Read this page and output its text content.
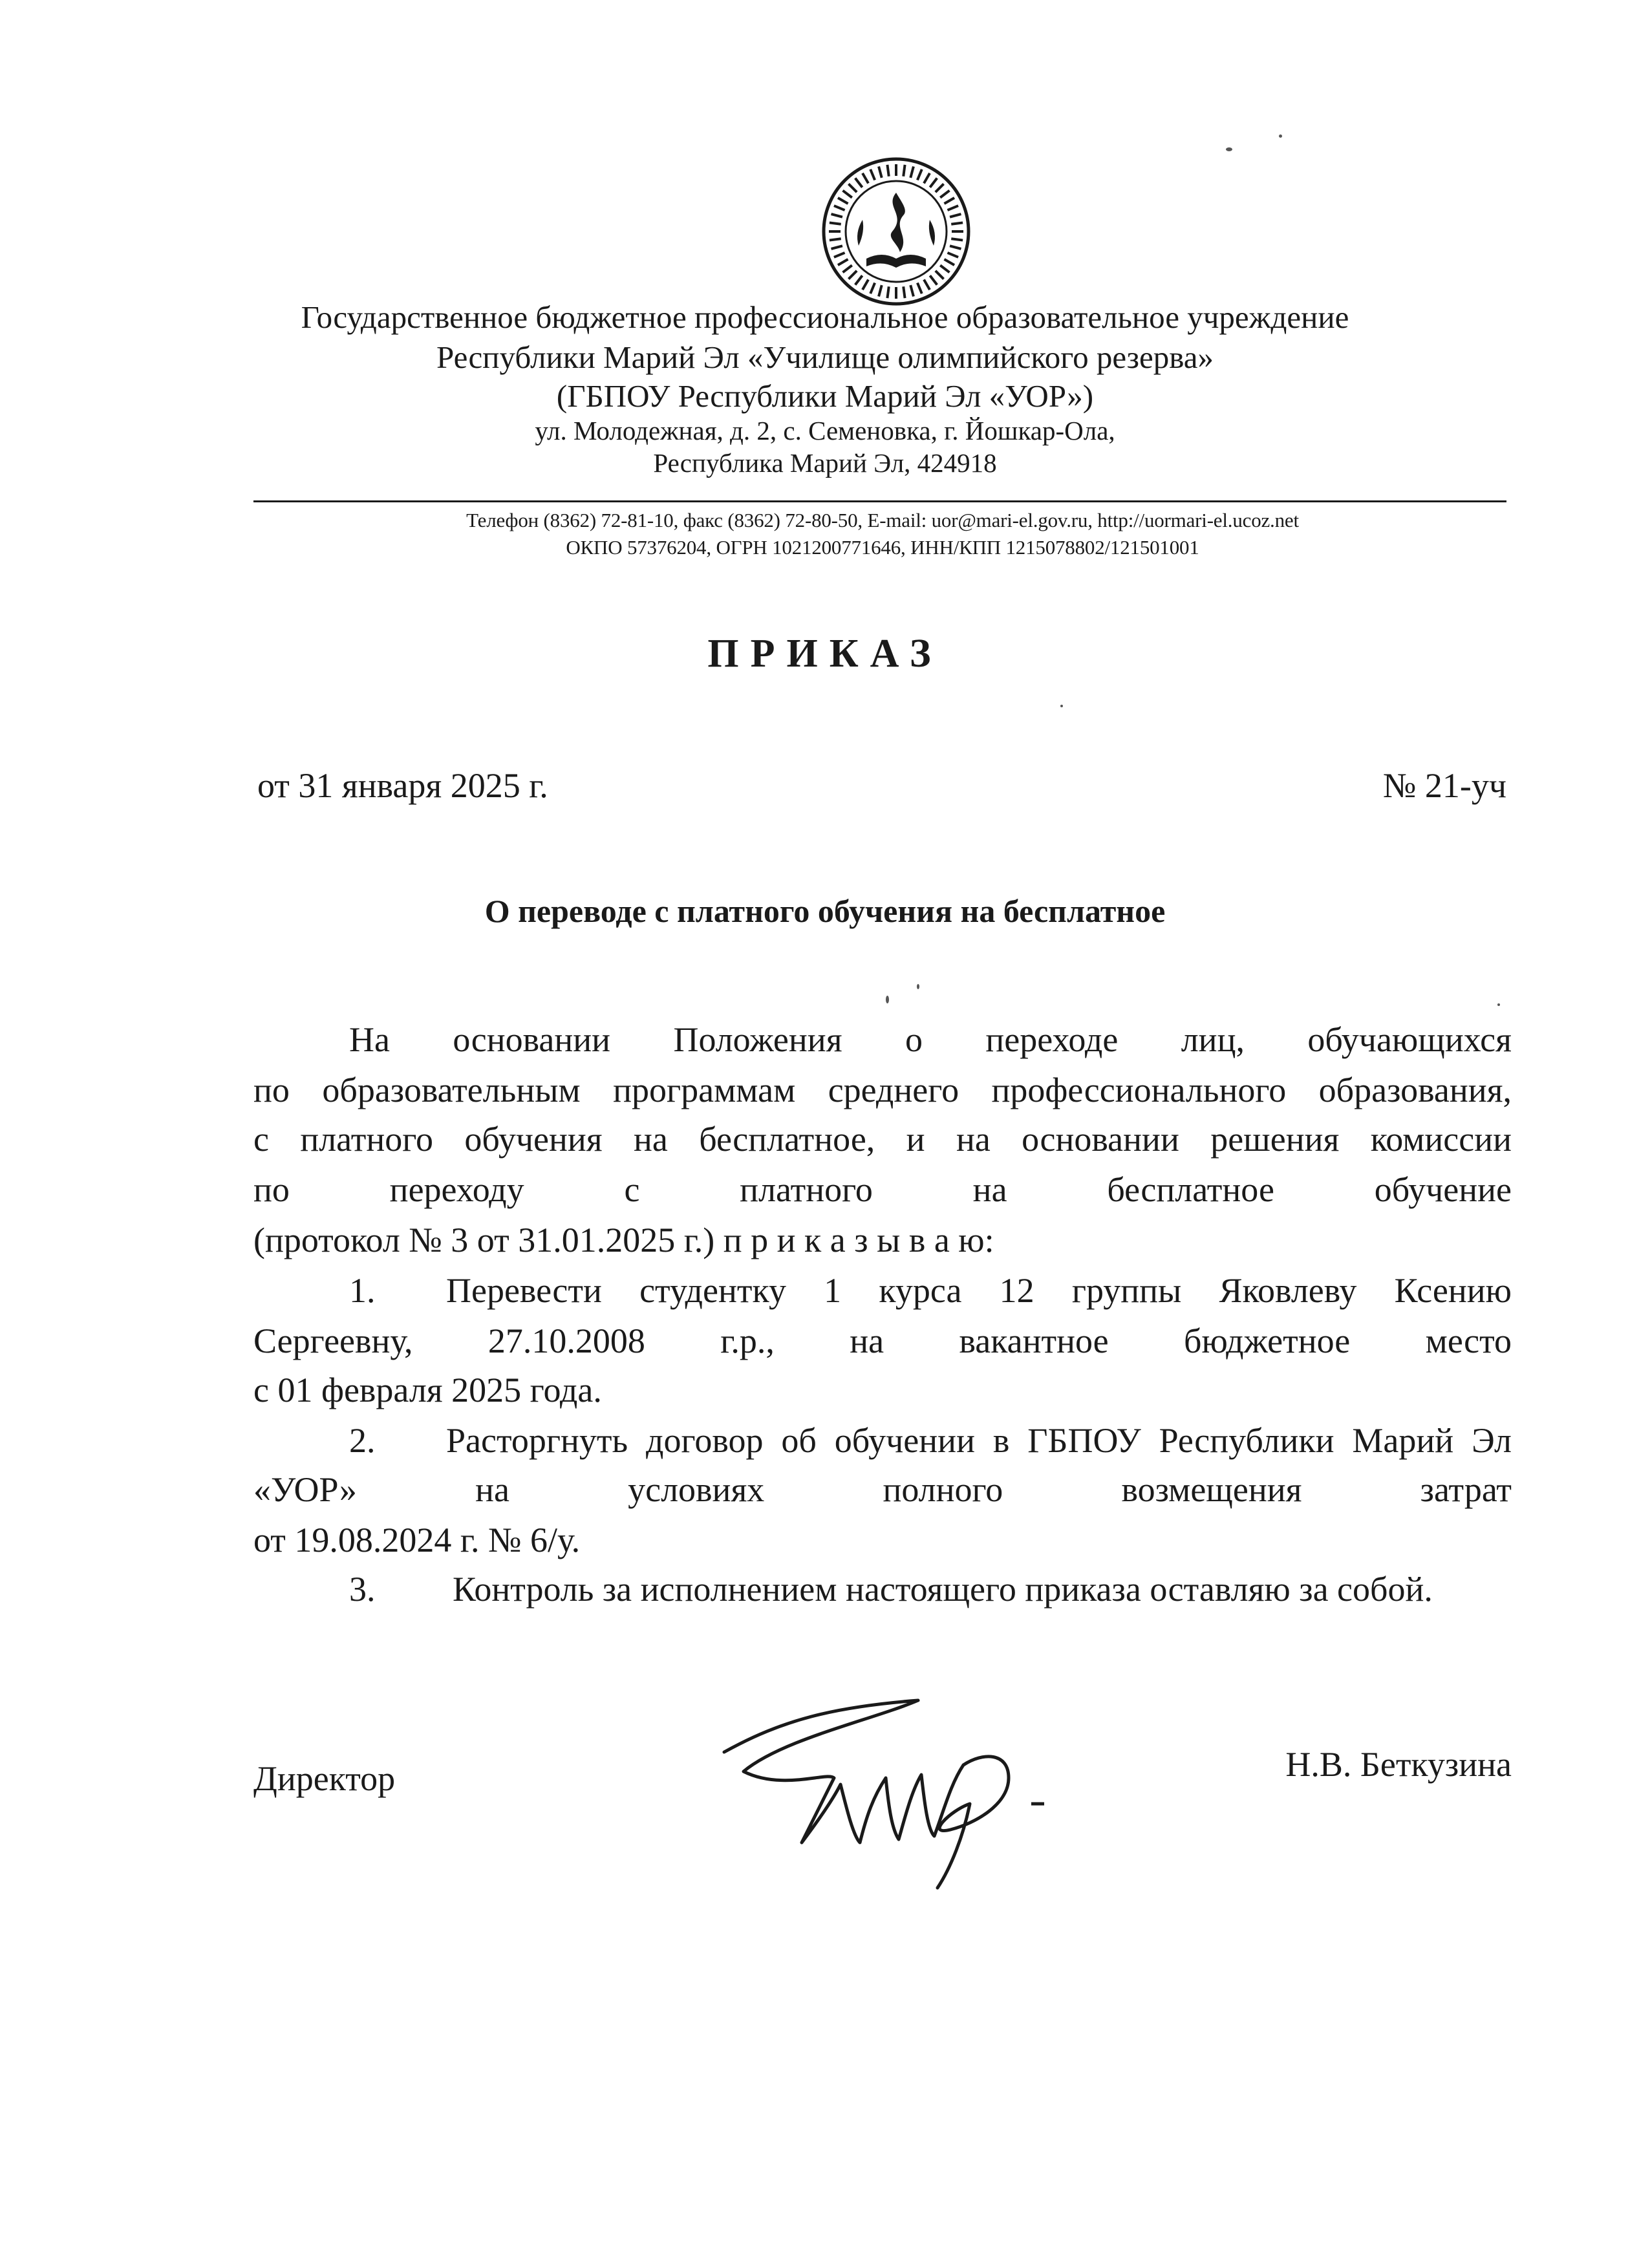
Государственное бюджетное профессиональное образовательное учреждение
Республики Марий Эл «Училище олимпийского резерва»
(ГБПОУ Республики Марий Эл «УОР»)
ул. Молодежная, д. 2, с. Семеновка, г. Йошкар-Ола,
Республика Марий Эл, 424918
Телефон (8362) 72-81-10, факс (8362) 72-80-50, E-mail: uor@mari-el.gov.ru, http://uormari-el.ucoz.net
ОКПО 57376204, ОГРН 1021200771646, ИНН/КПП 1215078802/121501001
ПРИКАЗ
от 31 января 2025 г.	№ 21-уч
О переводе с платного обучения на бесплатное
На основании Положения о переходе лиц, обучающихся
по образовательным программам среднего профессионального образования,
с платного обучения на бесплатное, и на основании решения комиссии
по переходу с платного на бесплатное обучение
(протокол № 3 от 31.01.2025 г.) п р и к а з ы в а ю:
1. Перевести студентку 1 курса 12 группы Яковлеву Ксению
Сергеевну, 27.10.2008 г.р., на вакантное бюджетное место
с 01 февраля 2025 года.
2. Расторгнуть договор об обучении в ГБПОУ Республики Марий Эл
«УОР» на условиях полного возмещения затрат
от 19.08.2024 г. № 6/у.
3. Контроль за исполнением настоящего приказа оставляю за собой.
Директор	Н.В. Беткузина
